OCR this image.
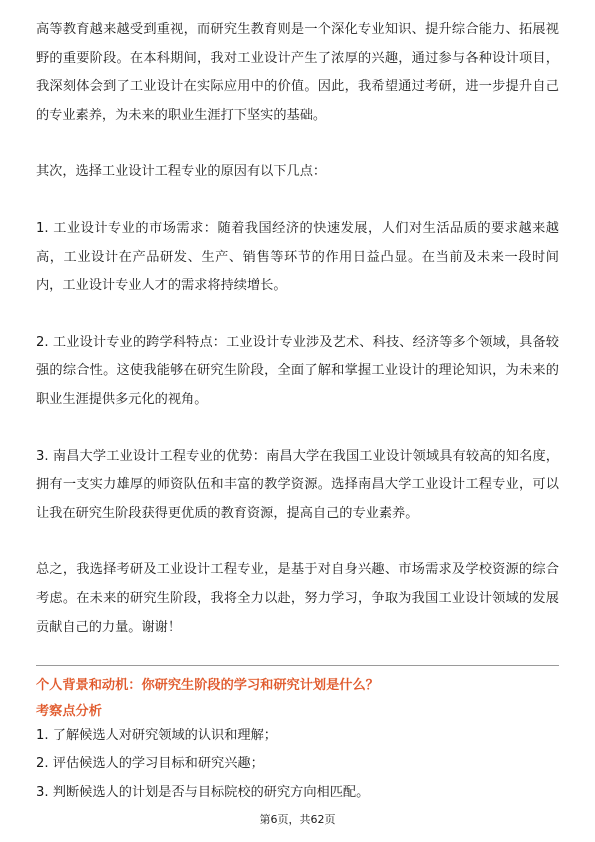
高等教育越来越受到重视，而研究生教育则是一个深化专业知识、提升综合能力、拓展视野的重要阶段。在本科期间，我对工业设计产生了浓厚的兴趣，通过参与各种设计项目，我深刻体会到了工业设计在实际应用中的价值。因此，我希望通过考研，进一步提升自己的专业素养，为未来的职业生涯打下坚实的基础。

其次，选择工业设计工程专业的原因有以下几点：

1. 工业设计专业的市场需求：随着我国经济的快速发展，人们对生活品质的要求越来越高，工业设计在产品研发、生产、销售等环节的作用日益凸显。在当前及未来一段时间内，工业设计专业人才的需求将持续增长。

2. 工业设计专业的跨学科特点：工业设计专业涉及艺术、科技、经济等多个领域，具备较强的综合性。这使我能够在研究生阶段，全面了解和掌握工业设计的理论知识，为未来的职业生涯提供多元化的视角。

3. 南昌大学工业设计工程专业的优势：南昌大学在我国工业设计领域具有较高的知名度，拥有一支实力雄厚的师资队伍和丰富的教学资源。选择南昌大学工业设计工程专业，可以让我在研究生阶段获得更优质的教育资源，提高自己的专业素养。

总之，我选择考研及工业设计工程专业，是基于对自身兴趣、市场需求及学校资源的综合考虑。在未来的研究生阶段，我将全力以赴，努力学习，争取为我国工业设计领域的发展贡献自己的力量。谢谢！

个人背景和动机：你研究生阶段的学习和研究计划是什么？

考察点分析

1. 了解候选人对研究领域的认识和理解；

2. 评估候选人的学习目标和研究兴趣；

3. 判断候选人的计划是否与目标院校的研究方向相匹配。

第6页，共62页
